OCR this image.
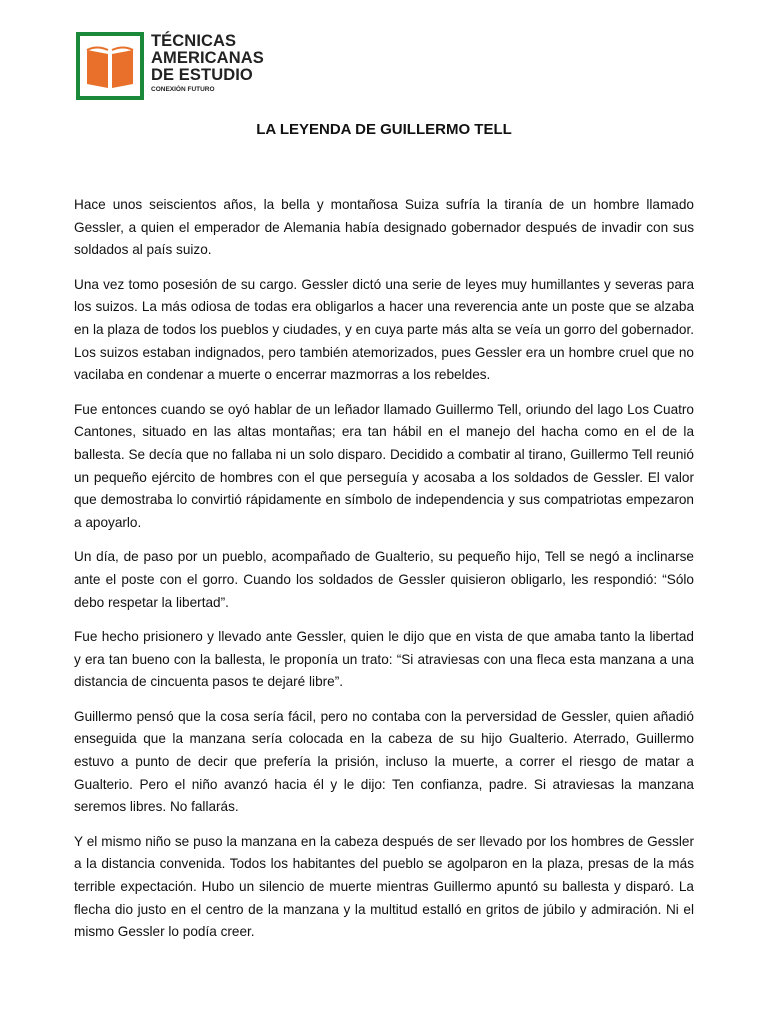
TÉCNICAS
AMERICANAS
DE ESTUDIO
CONEXIÓN FUTURO
LA LEYENDA DE GUILLERMO TELL

Hace unos seiscientos años, la bella y montañosa Suiza sufría la tiranía de un hombre llamado Gessler, a quien el emperador de Alemania había designado gobernador después de invadir con sus soldados al país suizo.

Una vez tomo posesión de su cargo. Gessler dictó una serie de leyes muy humillantes y severas para los suizos. La más odiosa de todas era obligarlos a hacer una reverencia ante un poste que se alzaba en la plaza de todos los pueblos y ciudades, y en cuya parte más alta se veía un gorro del gobernador. Los suizos estaban indignados, pero también atemorizados, pues Gessler era un hombre cruel que no vacilaba en condenar a muerte o encerrar mazmorras a los rebeldes.

Fue entonces cuando se oyó hablar de un leñador llamado Guillermo Tell, oriundo del lago Los Cuatro Cantones, situado en las altas montañas; era tan hábil en el manejo del hacha como en el de la ballesta. Se decía que no fallaba ni un solo disparo. Decidido a combatir al tirano, Guillermo Tell reunió un pequeño ejército de hombres con el que perseguía y acosaba a los soldados de Gessler. El valor que demostraba lo convirtió rápidamente en símbolo de independencia y sus compatriotas empezaron a apoyarlo.

Un día, de paso por un pueblo, acompañado de Gualterio, su pequeño hijo, Tell se negó a inclinarse ante el poste con el gorro. Cuando los soldados de Gessler quisieron obligarlo, les respondió: “Sólo debo respetar la libertad”.

Fue hecho prisionero y llevado ante Gessler, quien le dijo que en vista de que amaba tanto la libertad y era tan bueno con la ballesta, le proponía un trato: “Si atraviesas con una fleca esta manzana a una distancia de cincuenta pasos te dejaré libre”.

Guillermo pensó que la cosa sería fácil, pero no contaba con la perversidad de Gessler, quien añadió enseguida que la manzana sería colocada en la cabeza de su hijo Gualterio. Aterrado, Guillermo estuvo a punto de decir que prefería la prisión, incluso la muerte, a correr el riesgo de matar a Gualterio. Pero el niño avanzó hacia él y le dijo: Ten confianza, padre. Si atraviesas la manzana seremos libres. No fallarás.

Y el mismo niño se puso la manzana en la cabeza después de ser llevado por los hombres de Gessler a la distancia convenida. Todos los habitantes del pueblo se agolparon en la plaza, presas de la más terrible expectación. Hubo un silencio de muerte mientras Guillermo apuntó su ballesta y disparó. La flecha dio justo en el centro de la manzana y la multitud estalló en gritos de júbilo y admiración. Ni el mismo Gessler lo podía creer.
